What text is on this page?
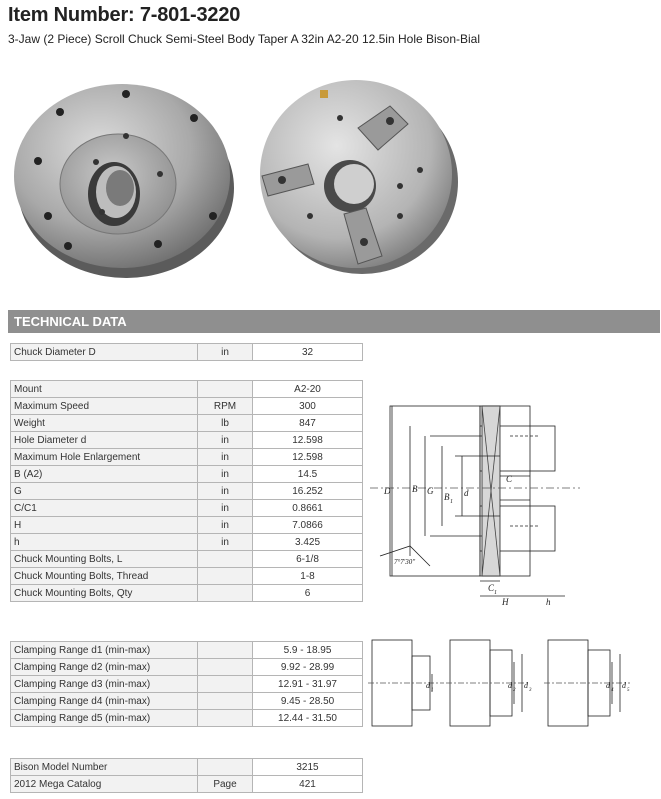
Item Number: 7-801-3220
3-Jaw (2 Piece) Scroll Chuck Semi-Steel Body Taper A 32in A2-20 12.5in Hole Bison-Bial
TECHNICAL DATA
Chuck Diameter D	in	32
Mount		A2-20
Maximum Speed	RPM	300
Weight	lb	847
Hole Diameter d	in	12.598
Maximum Hole Enlargement	in	12.598
B (A2)	in	14.5
G	in	16.252
C/C1	in	0.8661
H	in	7.0866
h	in	3.425
Chuck Mounting Bolts, L		6-1/8
Chuck Mounting Bolts, Thread		1-8
Chuck Mounting Bolts, Qty		6
Clamping Range d1 (min-max)		5.9 - 18.95
Clamping Range d2 (min-max)		9.92 - 28.99
Clamping Range d3 (min-max)		12.91 - 31.97
Clamping Range d4 (min-max)		9.45 - 28.50
Clamping Range d5 (min-max)		12.44 - 31.50
Bison Model Number		3215
2012 Mega Catalog	Page	421
D B G
B 1
d
C
C 1
H	h
7°7'30"
d
1
d
2
d
3
d
4
d
5
